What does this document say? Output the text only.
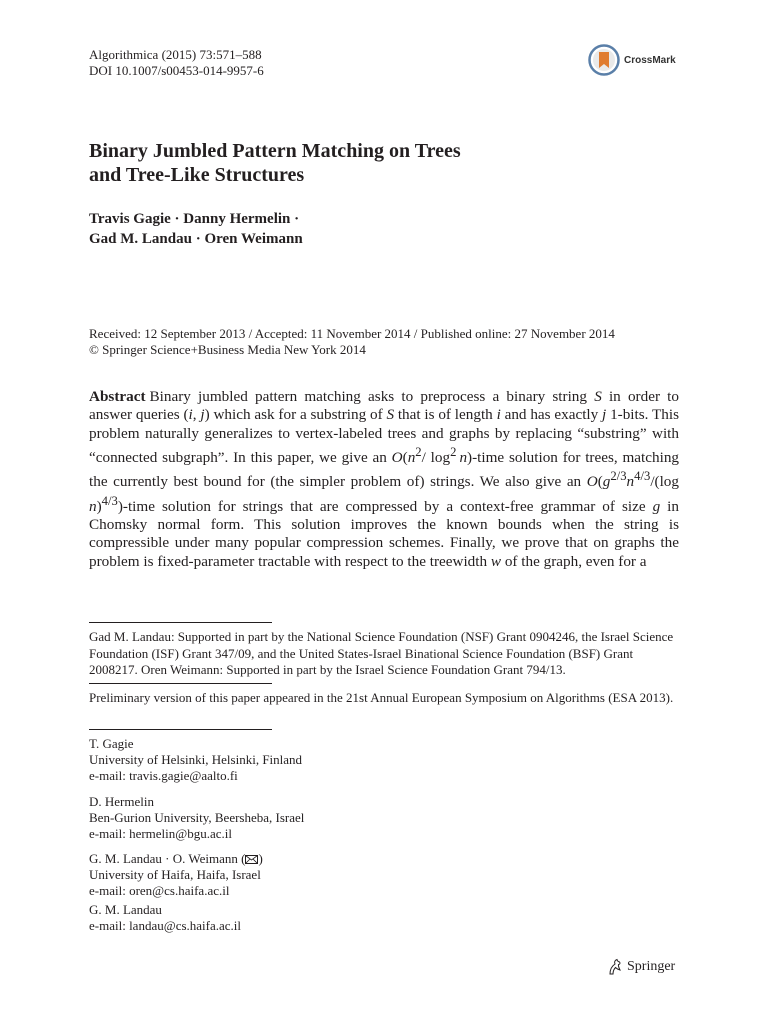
Algorithmica (2015) 73:571–588
DOI 10.1007/s00453-014-9957-6
CrossMark
Binary Jumbled Pattern Matching on Trees
and Tree-Like Structures
Travis Gagie · Danny Hermelin ·
Gad M. Landau · Oren Weimann
Received: 12 September 2013 / Accepted: 11 November 2014 / Published online: 27 November 2014
© Springer Science+Business Media New York 2014

Abstract Binary jumbled pattern matching asks to preprocess a binary string S in order to answer queries (i, j) which ask for a substring of S that is of length i and has exactly j 1-bits. This problem naturally generalizes to vertex-labeled trees and graphs by replacing “substring” with “connected subgraph”. In this paper, we give an $O(n^2/$ $\log^2$  n)-time solution for trees, matching the currently best bound for (the simpler problem of) strings. We also give an $O(g^{2/3}n^{4/3}/(\log$ n)$^{4/3}$)-time solution for strings that are compressed by a context-free grammar of size g in Chomsky normal form. This solution improves the known bounds when the string is compressible under many popular compression schemes. Finally, we prove that on graphs the problem is fixed-parameter tractable with respect to the treewidth w of the graph, even for a

Gad M. Landau: Supported in part by the National Science Foundation (NSF) Grant 0904246, the Israel Science Foundation (ISF) Grant 347/09, and the United States-Israel Binational Science Foundation (BSF) Grant 2008217. Oren Weimann: Supported in part by the Israel Science Foundation Grant 794/13.

Preliminary version of this paper appeared in the 21st Annual European Symposium on Algorithms (ESA 2013).

T. Gagie
University of Helsinki, Helsinki, Finland
e-mail: travis.gagie@aalto.fi
D. Hermelin
Ben-Gurion University, Beersheba, Israel
e-mail: hermelin@bgu.ac.il
G. M. Landau · O. Weimann ( )
University of Haifa, Haifa, Israel
e-mail: oren@cs.haifa.ac.il
G. M. Landau
e-mail: landau@cs.haifa.ac.il
Springer
